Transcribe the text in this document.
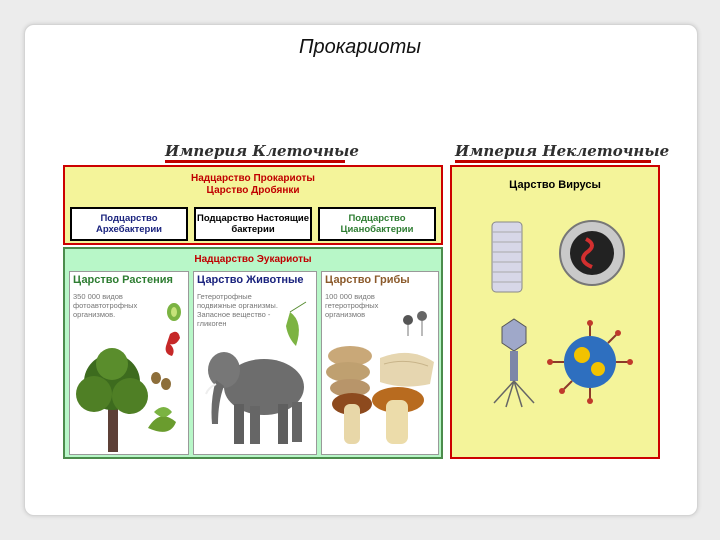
Прокариоты
Империя Клеточные	Империя Неклеточные
Надцарство Прокариоты
Царство Дробянки
Подцарство Архебактерии
Подцарство Настоящие бактерии
Подцарство Цианобактерии
Надцарство Эукариоты
Царство Растения
350 000 видов фотоавтотрофных организмов.
Царство Животные
Гетеротрофные подвижные организмы. Запасное вещество - гликоген
Царство Грибы
100 000 видов гетеротрофных организмов
Царство Вирусы
